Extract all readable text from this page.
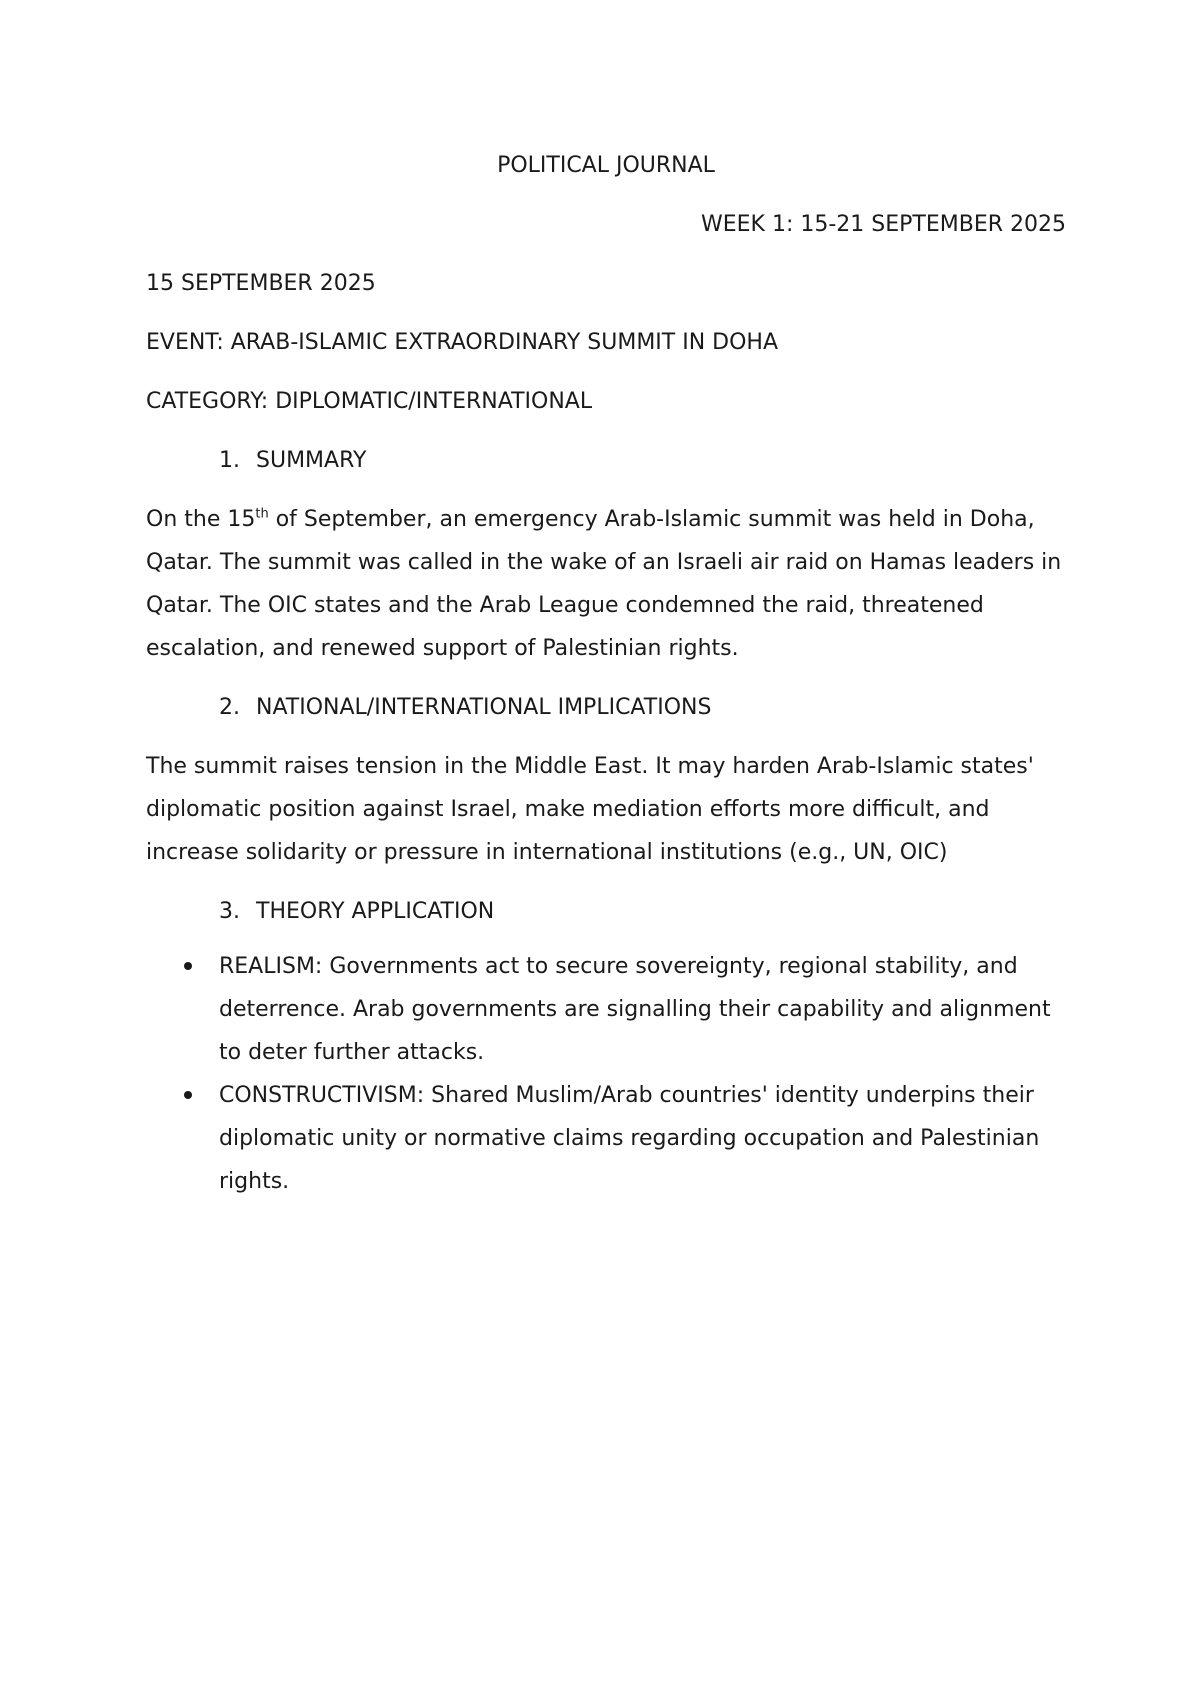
POLITICAL JOURNAL

WEEK 1: 15-21 SEPTEMBER 2025

15 SEPTEMBER 2025

EVENT: ARAB-ISLAMIC EXTRAORDINARY SUMMIT IN DOHA

CATEGORY: DIPLOMATIC/INTERNATIONAL

1. SUMMARY

On the 15th of September, an emergency Arab-Islamic summit was held in Doha, Qatar. The summit was called in the wake of an Israeli air raid on Hamas leaders in Qatar. The OIC states and the Arab League condemned the raid, threatened escalation, and renewed support of Palestinian rights.

2. NATIONAL/INTERNATIONAL IMPLICATIONS

The summit raises tension in the Middle East. It may harden Arab-Islamic states' diplomatic position against Israel, make mediation efforts more difficult, and increase solidarity or pressure in international institutions (e.g., UN, OIC)

3. THEORY APPLICATION

REALISM: Governments act to secure sovereignty, regional stability, and deterrence. Arab governments are signalling their capability and alignment to deter further attacks.
CONSTRUCTIVISM: Shared Muslim/Arab countries' identity underpins their diplomatic unity or normative claims regarding occupation and Palestinian rights.
